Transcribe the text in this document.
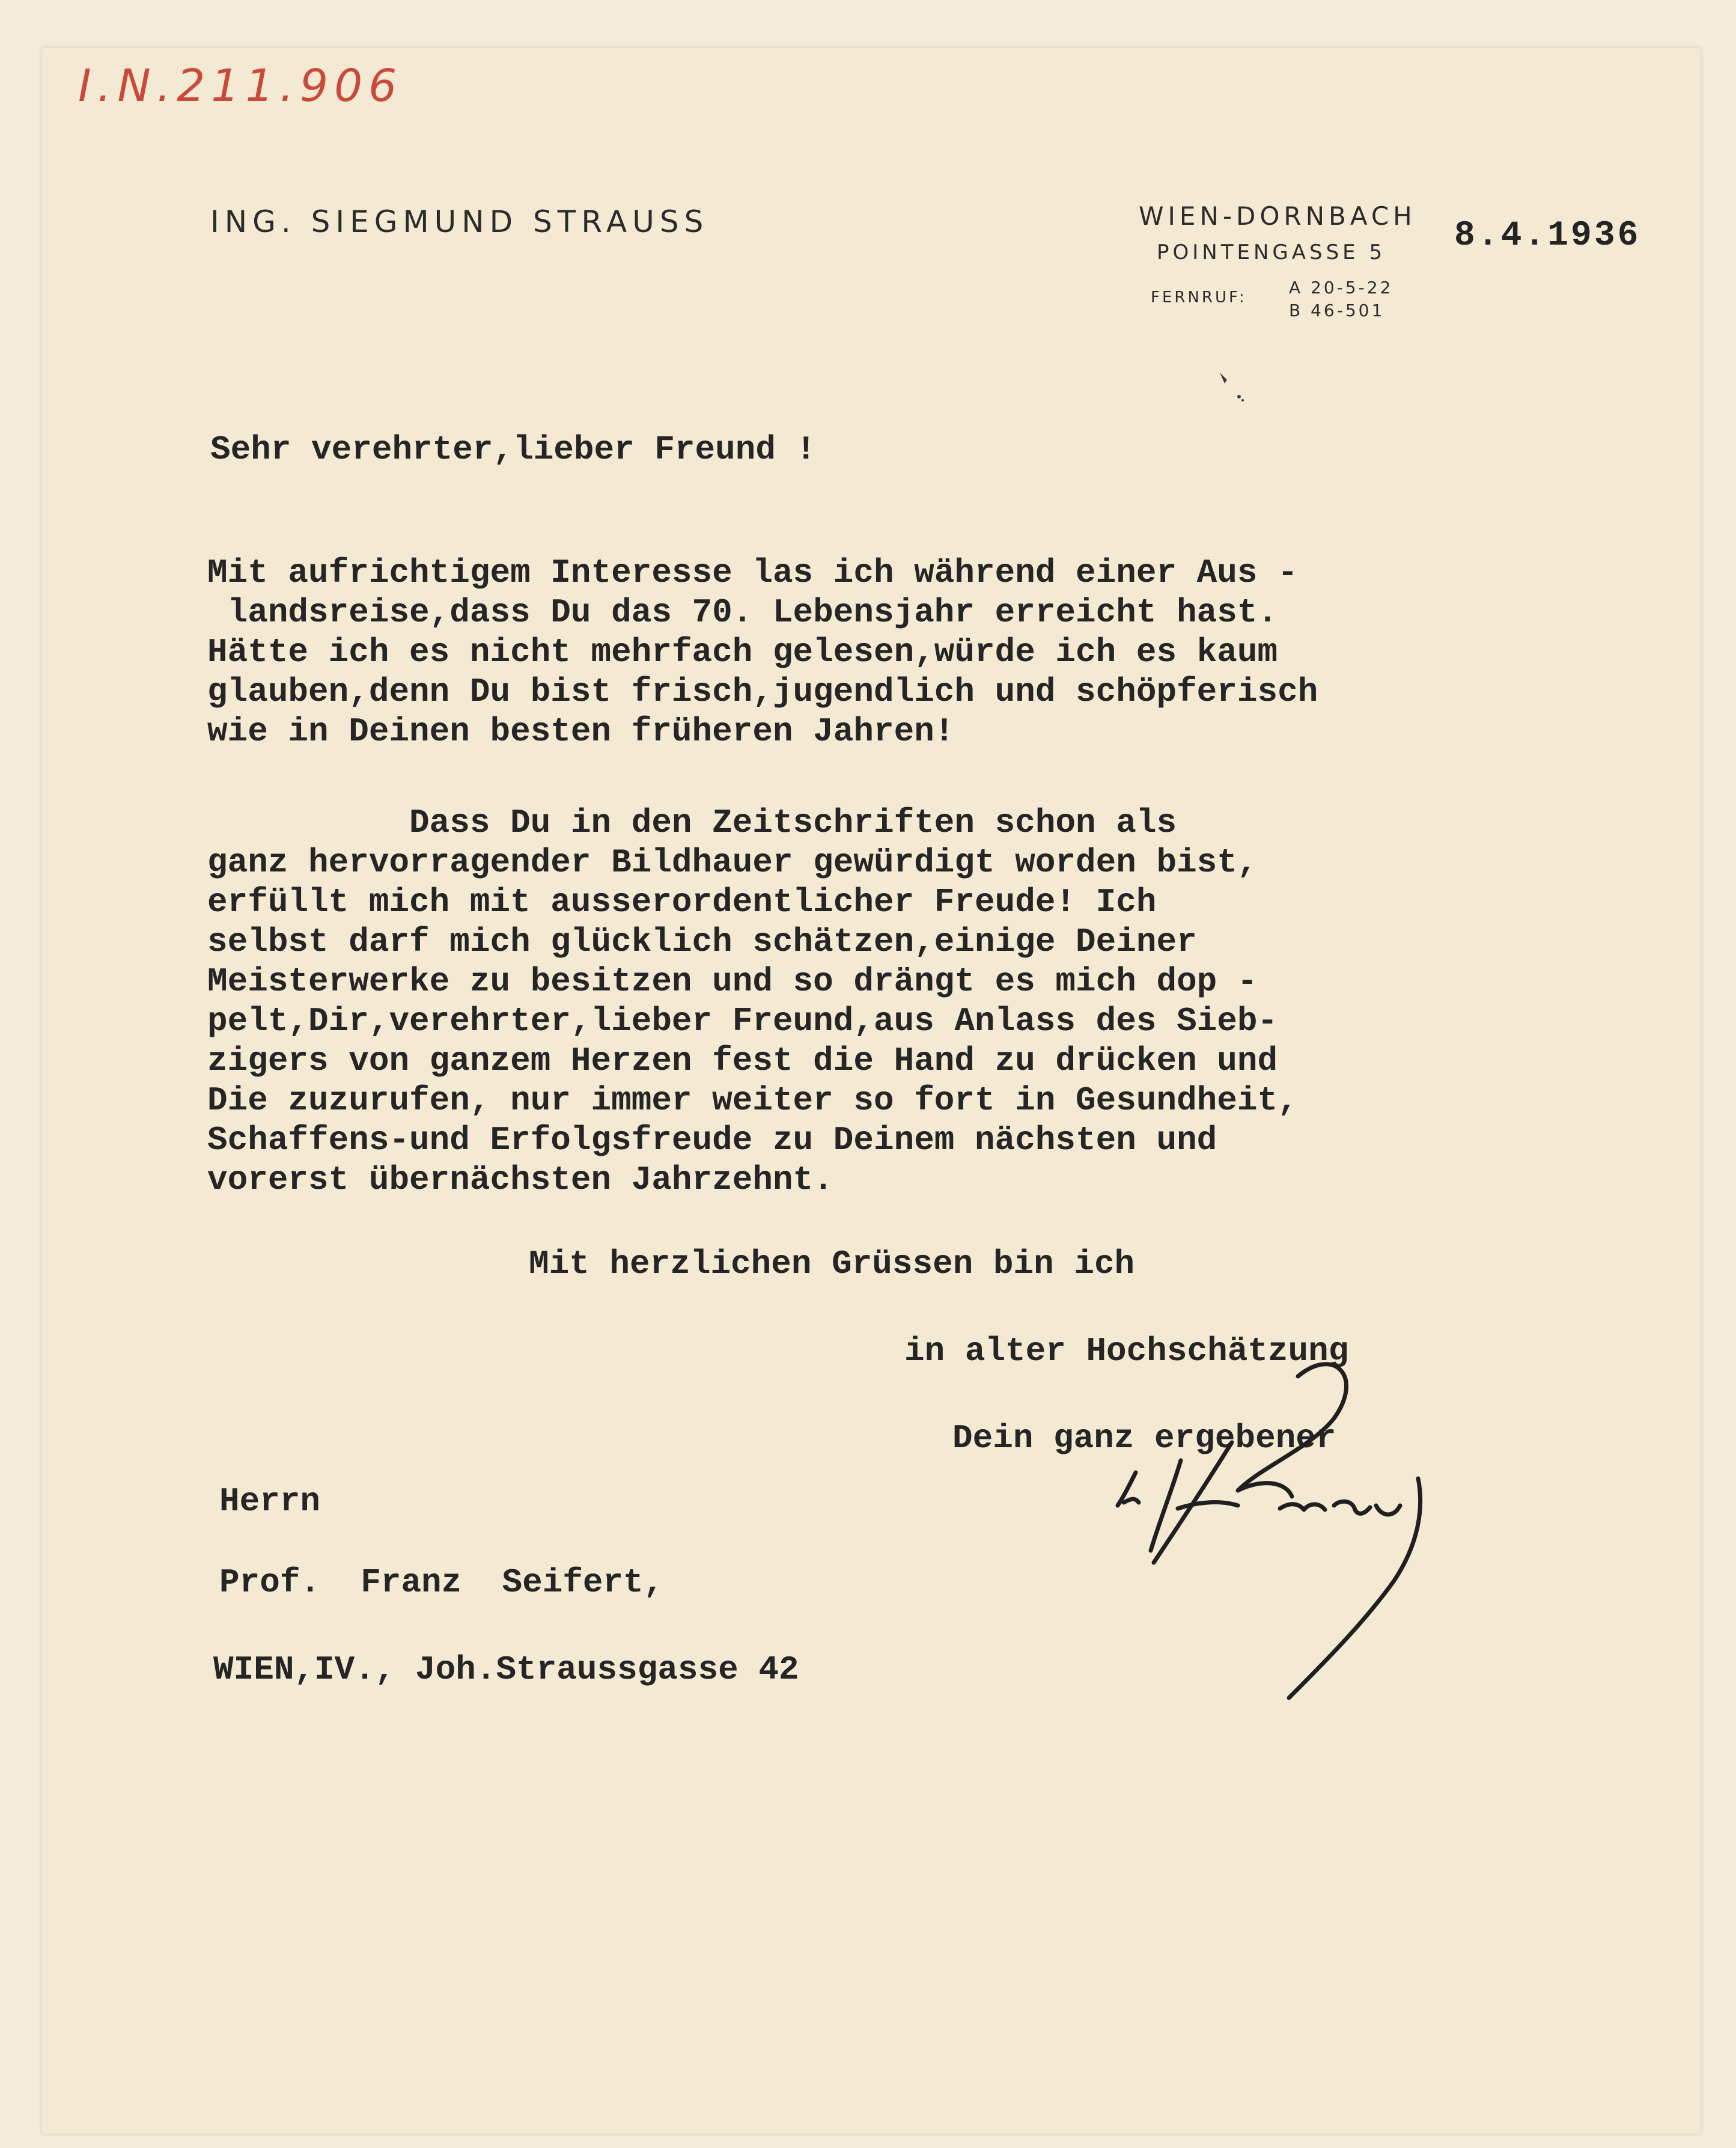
I.N.211.906
ING. SIEGMUND STRAUSS	WIEN-DORNBACH
POINTENGASSE 5
FERNRUF:	A 20-5-22
B 46-501
8.4.1936

Sehr verehrter,lieber Freund !

Mit aufrichtigem Interesse las ich während einer Aus -
landsreise,dass Du das 70. Lebensjahr erreicht hast.
Hätte ich es nicht mehrfach gelesen,würde ich es kaum
glauben,denn Du bist frisch,jugendlich und schöpferisch
wie in Deinen besten früheren Jahren!

Dass Du in den Zeitschriften schon als
ganz hervorragender Bildhauer gewürdigt worden bist,
erfüllt mich mit ausserordentlicher Freude! Ich
selbst darf mich glücklich schätzen,einige Deiner
Meisterwerke zu besitzen und so drängt es mich dop -
pelt,Dir,verehrter,lieber Freund,aus Anlass des Sieb-
zigers von ganzem Herzen fest die Hand zu drücken und
Die zuzurufen, nur immer weiter so fort in Gesundheit,
Schaffens-und Erfolgsfreude zu Deinem nächsten und
vorerst übernächsten Jahrzehnt.

Mit herzlichen Grüssen bin ich

in alter Hochschätzung

Dein ganz ergebener

Herrn

Prof.  Franz  Seifert,

WIEN,IV., Joh.Straussgasse 42
